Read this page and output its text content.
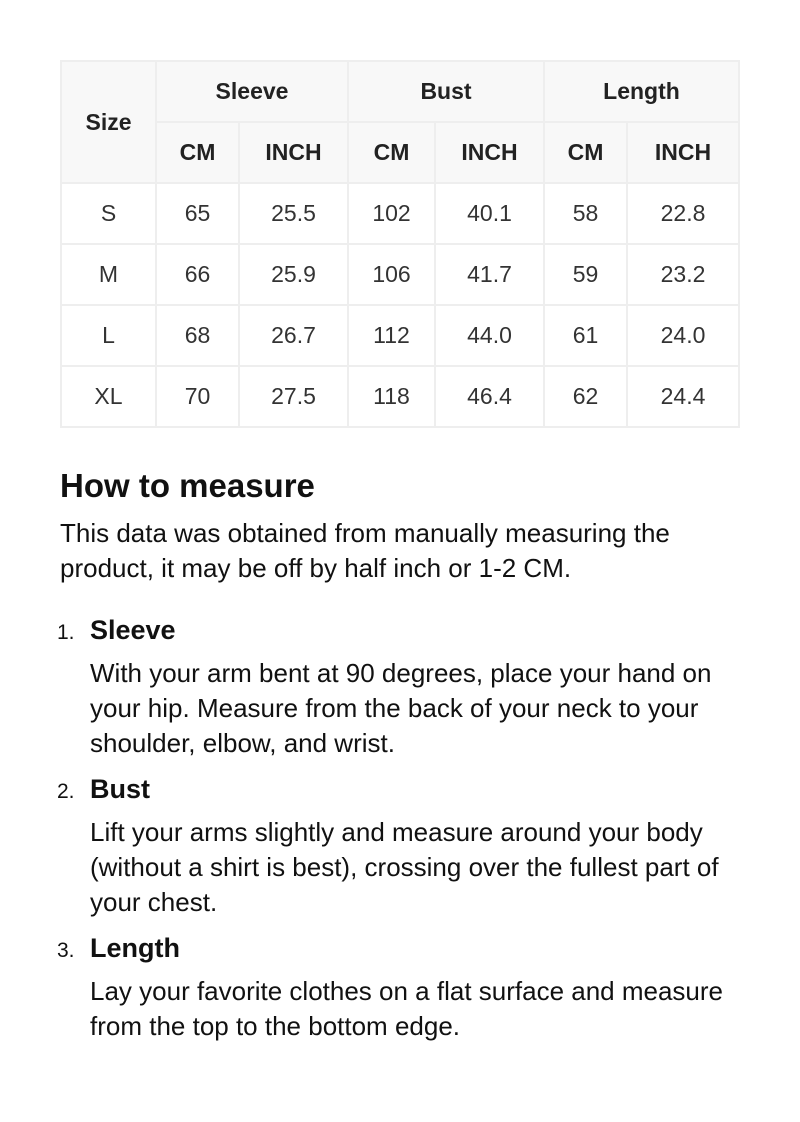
Size	Sleeve		Bust		Length	
	CM	INCH	CM	INCH	CM	INCH
S	65	25.5	102	40.1	58	22.8
M	66	25.9	106	41.7	59	23.2
L	68	26.7	112	44.0	61	24.0
XL	70	27.5	118	46.4	62	24.4
How to measure

This data was obtained from manually measuring the product, it may be off by half inch or 1-2 CM.

1. Sleeve
With your arm bent at 90 degrees, place your hand on your hip. Measure from the back of your neck to your shoulder, elbow, and wrist.
2. Bust
Lift your arms slightly and measure around your body (without a shirt is best), crossing over the fullest part of your chest.
3. Length
Lay your favorite clothes on a flat surface and measure from the top to the bottom edge.
